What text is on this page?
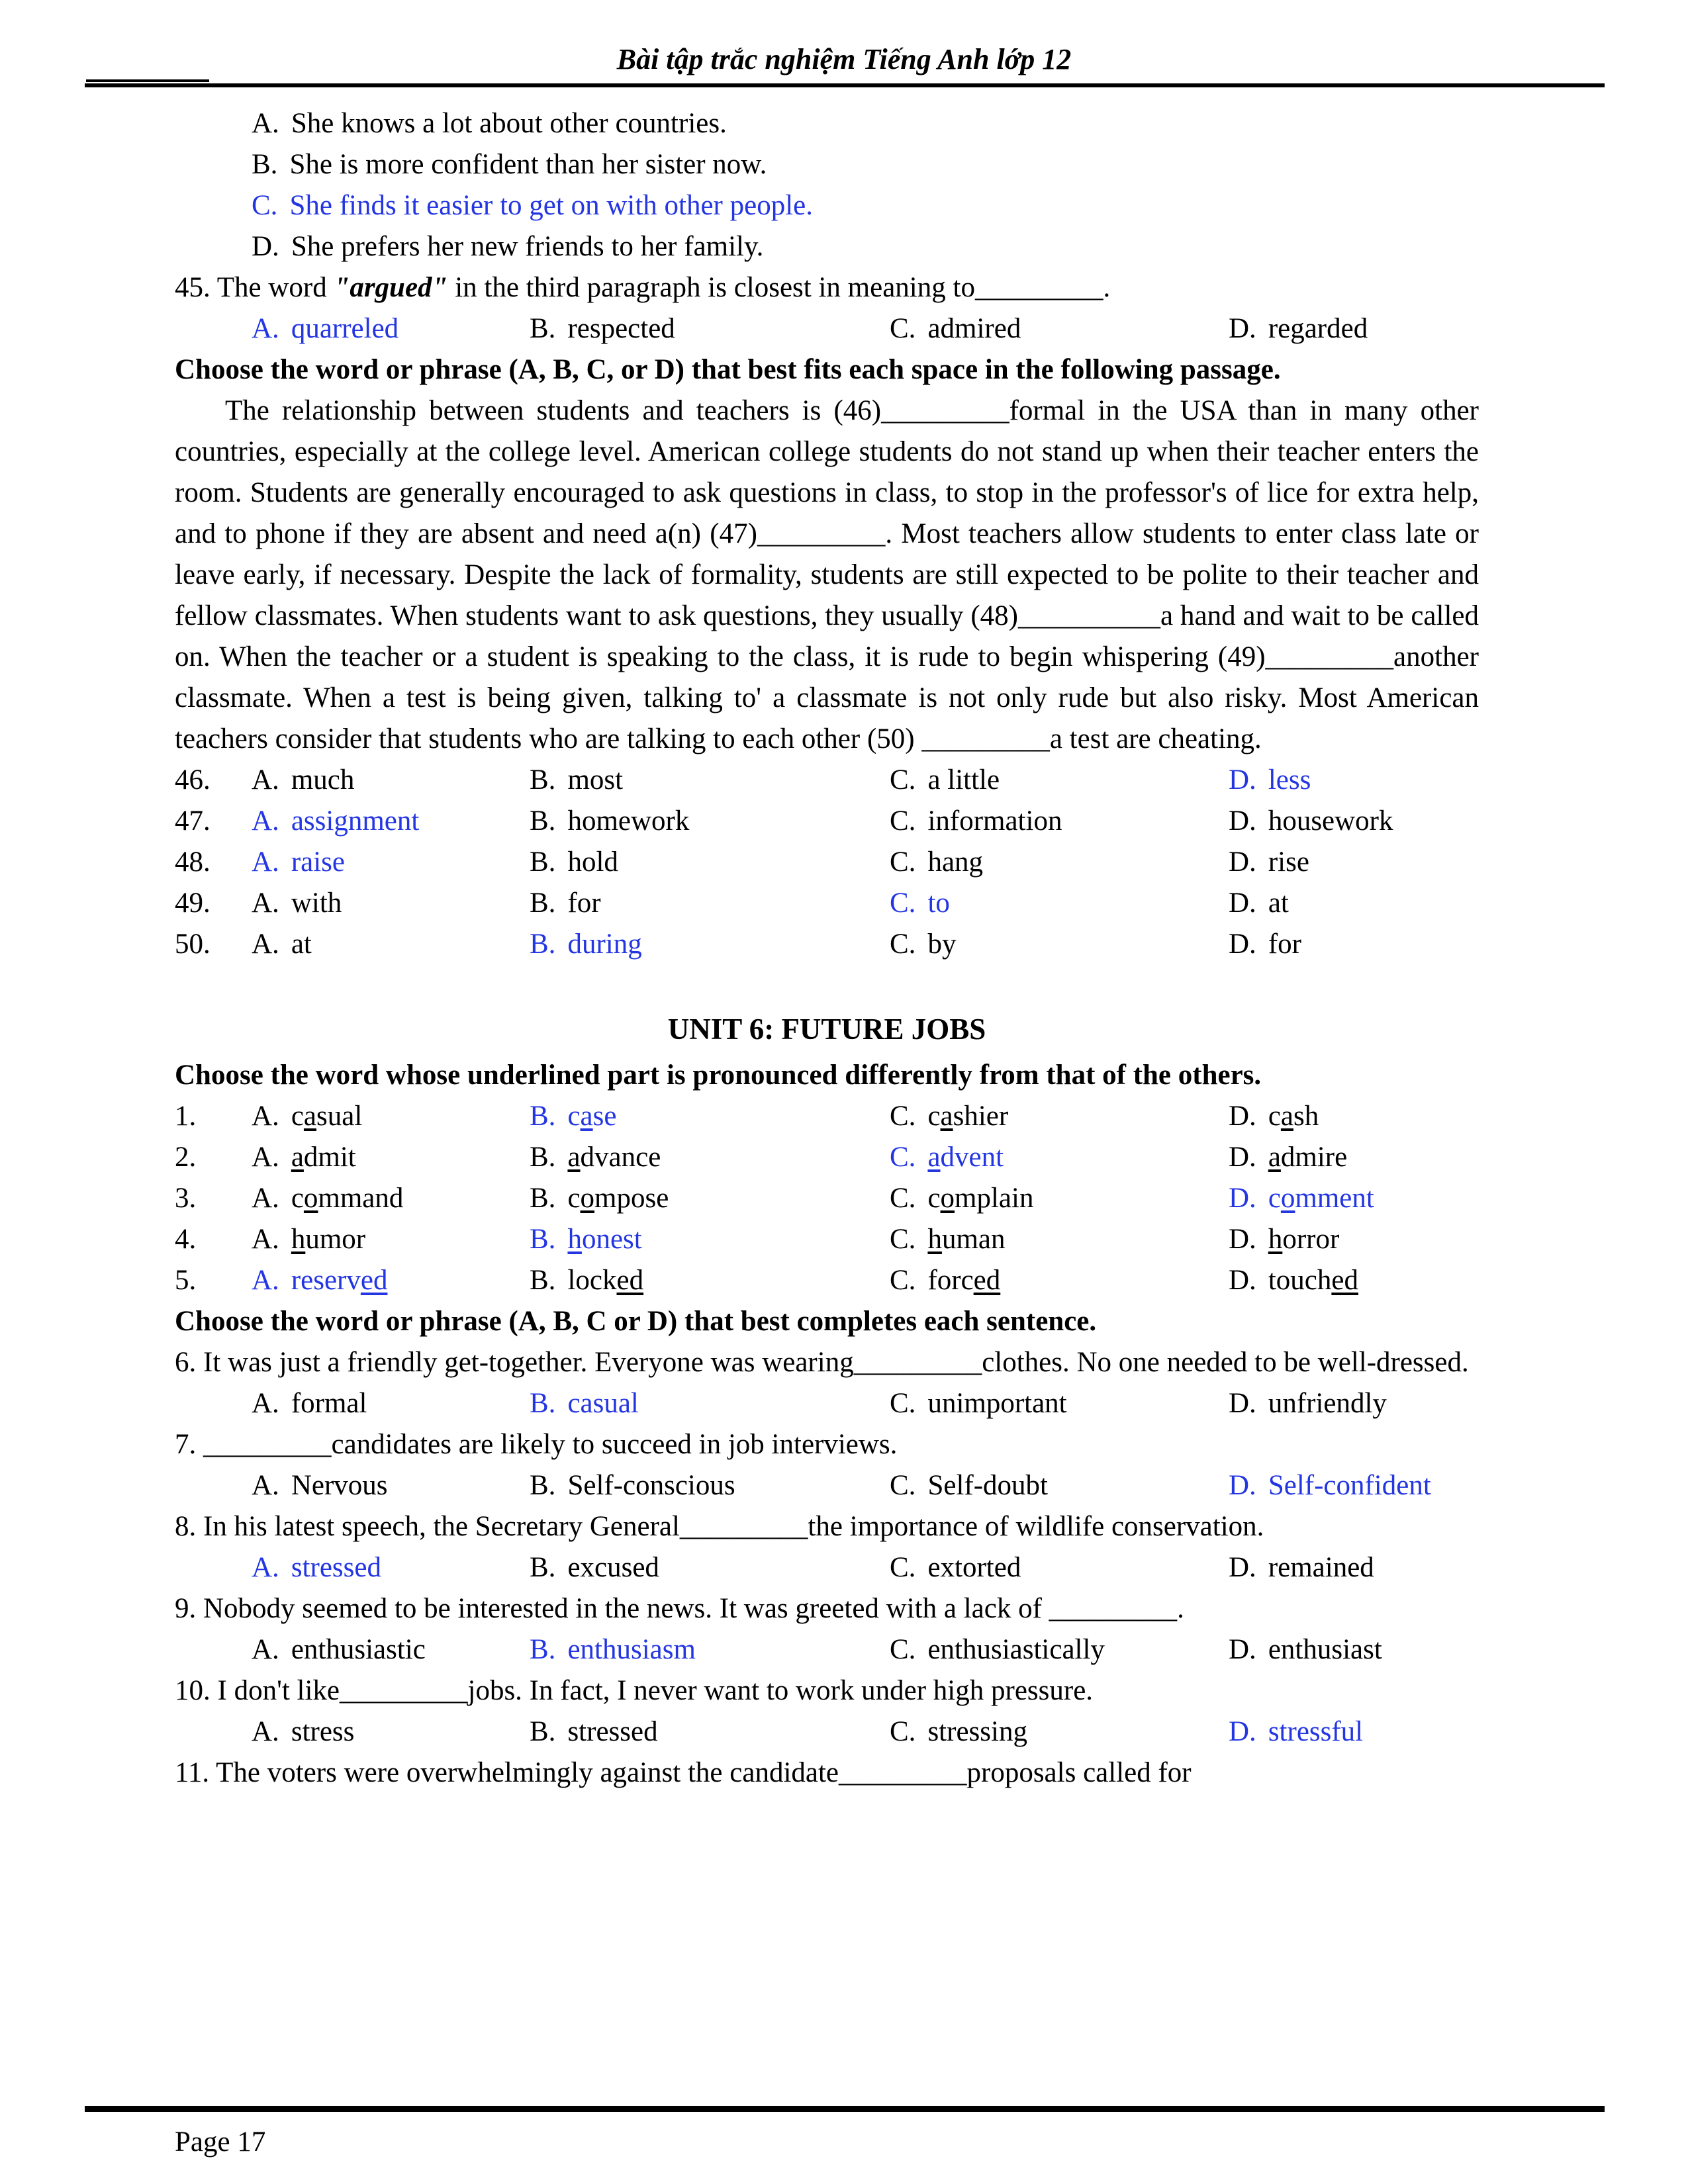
Bài tập trắc nghiệm Tiếng Anh lớp 12
A. She knows a lot about other countries.
B. She is more confident than her sister now.
C. She finds it easier to get on with other people.
D. She prefers her new friends to her family.

45. The word "argued" in the third paragraph is closest in meaning to_________.

A. quarreled	B. respected	C. admired	D. regarded

Choose the word or phrase (A, B, C, or D) that best fits each space in the following passage.

The relationship between students and teachers is (46)_________formal in the USA than in many other countries, especially at the college level. American college students do not stand up when their teacher enters the room. Students are generally encouraged to ask questions in class, to stop in the professor's of lice for extra help, and to phone if they are absent and need a(n) (47)_________. Most teachers allow students to enter class late or leave early, if necessary. Despite the lack of formality, students are still expected to be polite to their teacher and fellow classmates. When students want to ask questions, they usually (48)__________a hand and wait to be called on. When the teacher or a student is speaking to the class, it is rude to begin whispering (49)_________another classmate. When a test is being given, talking to' a classmate is not only rude but also risky. Most American teachers consider that students who are talking to each other (50) _________a test are cheating.

46.	A. much	B. most	C. a little	D. less
47.	A. assignment	B. homework	C. information	D. housework
48.	A. raise	B. hold	C. hang	D. rise
49.	A. with	B. for	C. to	D. at
50.	A. at	B. during	C. by	D. for
UNIT 6: FUTURE JOBS

Choose the word whose underlined part is pronounced differently from that of the others.

1.	A. casual	B. case	C. cashier	D. cash
2.	A. admit	B. advance	C. advent	D. admire
3.	A. command	B. compose	C. complain	D. comment
4.	A. humor	B. honest	C. human	D. horror
5.	A. reserved	B. locked	C. forced	D. touched

Choose the word or phrase (A, B, C or D) that best completes each sentence.

6. It was just a friendly get-together. Everyone was wearing_________clothes. No one needed to be well-dressed.

A. formal	B. casual	C. unimportant	D. unfriendly

7. _________candidates are likely to succeed in job interviews.

A. Nervous	B. Self-conscious	C. Self-doubt	D. Self-confident

8. In his latest speech, the Secretary General_________the importance of wildlife conservation.

A. stressed	B. excused	C. extorted	D. remained

9. Nobody seemed to be interested in the news. It was greeted with a lack of _________.

A. enthusiastic	B. enthusiasm	C. enthusiastically	D. enthusiast

10. I don't like_________jobs. In fact, I never want to work under high pressure.

A. stress	B. stressed	C. stressing	D. stressful

11. The voters were overwhelmingly against the candidate_________proposals called for

Page 17
